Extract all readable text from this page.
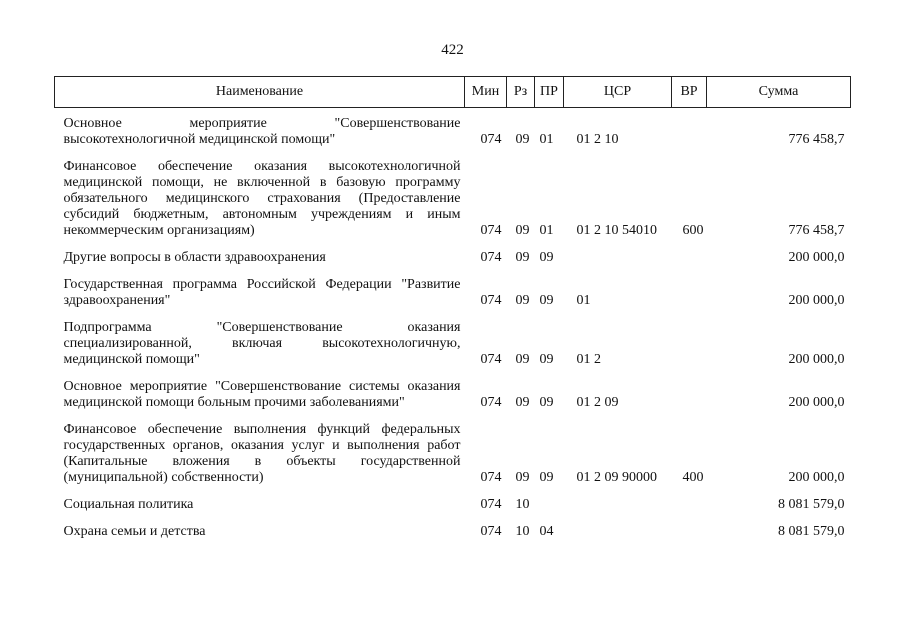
422
Наименование	Мин	Рз	ПР	ЦСР	ВР	Сумма
Основное мероприятие "Совершенствование высокотехнологичной медицинской помощи"	074	09	01	01 2 10		776 458,7
Финансовое обеспечение оказания высокотехнологичной медицинской помощи, не включенной в базовую программу обязательного медицинского страхования (Предоставление субсидий бюджетным, автономным учреждениям и иным некоммерческим организациям)	074	09	01	01 2 10 54010	600	776 458,7
Другие вопросы в области здравоохранения	074	09	09			200 000,0
Государственная программа Российской Федерации "Развитие здравоохранения"	074	09	09	01		200 000,0
Подпрограмма "Совершенствование оказания специализированной, включая высокотехнологичную, медицинской помощи"	074	09	09	01 2		200 000,0
Основное мероприятие "Совершенствование системы оказания медицинской помощи больным прочими заболеваниями"	074	09	09	01 2 09		200 000,0
Финансовое обеспечение выполнения функций федеральных государственных органов, оказания услуг и выполнения работ (Капитальные вложения в объекты государственной (муниципальной) собственности)	074	09	09	01 2 09 90000	400	200 000,0
Социальная политика	074	10				8 081 579,0
Охрана семьи и детства	074	10	04			8 081 579,0
